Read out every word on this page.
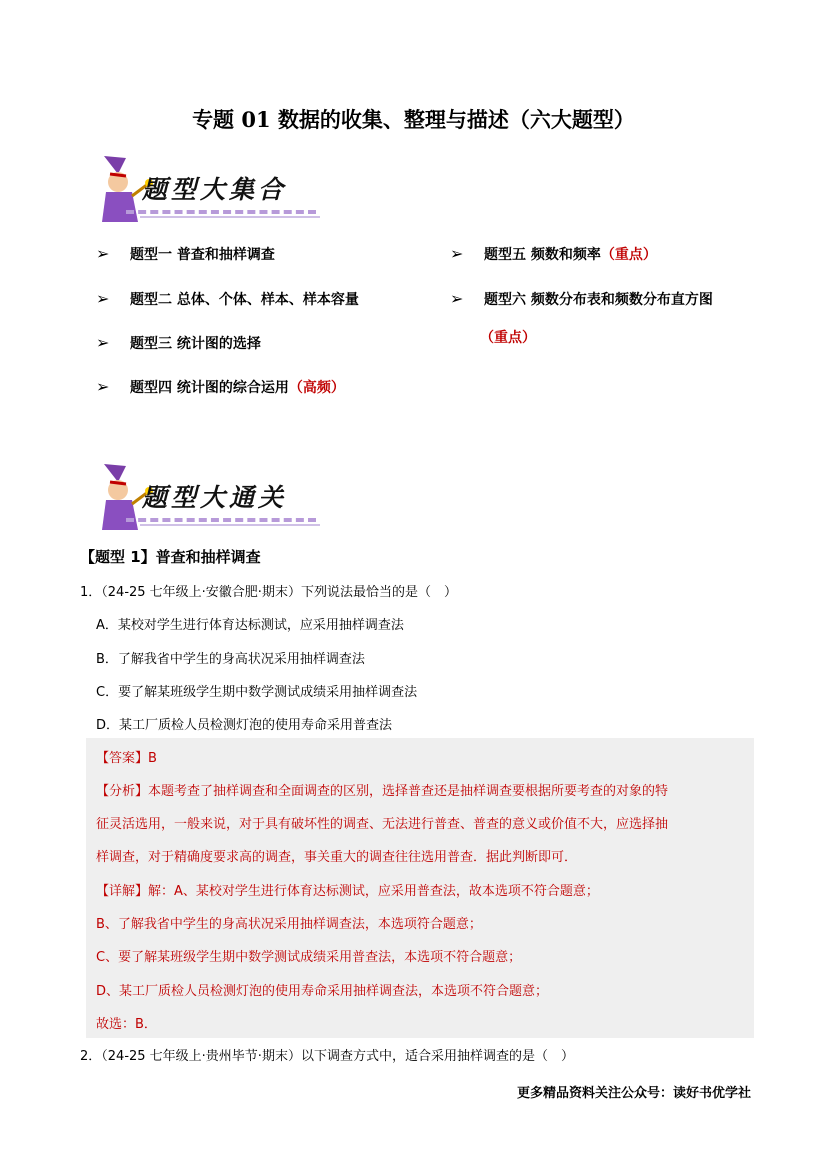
专题 01 数据的收集、整理与描述（六大题型）
题型大集合
➢ 题型一 普查和抽样调查
➢ 题型二 总体、个体、样本、样本容量
➢ 题型三 统计图的选择
➢ 题型四 统计图的综合运用（高频）
➢ 题型五 频数和频率（重点）
➢ 题型六 频数分布表和频数分布直方图
（重点）
题型大通关
【题型 1】普查和抽样调查
1．（24-25 七年级上·安徽合肥·期末）下列说法最恰当的是（　）
A．某校对学生进行体育达标测试，应采用抽样调查法
B．了解我省中学生的身高状况采用抽样调查法
C．要了解某班级学生期中数学测试成绩采用抽样调查法
D．某工厂质检人员检测灯泡的使用寿命采用普查法
【答案】B
【分析】本题考查了抽样调查和全面调查的区别，选择普查还是抽样调查要根据所要考查的对象的特
征灵活选用，一般来说，对于具有破坏性的调查、无法进行普查、普查的意义或价值不大，应选择抽
样调查，对于精确度要求高的调查，事关重大的调查往往选用普查．据此判断即可．
【详解】解：A、某校对学生进行体育达标测试，应采用普查法，故本选项不符合题意；
B、了解我省中学生的身高状况采用抽样调查法，本选项符合题意；
C、要了解某班级学生期中数学测试成绩采用普查法，本选项不符合题意；
D、某工厂质检人员检测灯泡的使用寿命采用抽样调查法，本选项不符合题意；
故选：B．
2．（24-25 七年级上·贵州毕节·期末）以下调查方式中，适合采用抽样调查的是（　）
更多精品资料关注公众号：读好书优学社
